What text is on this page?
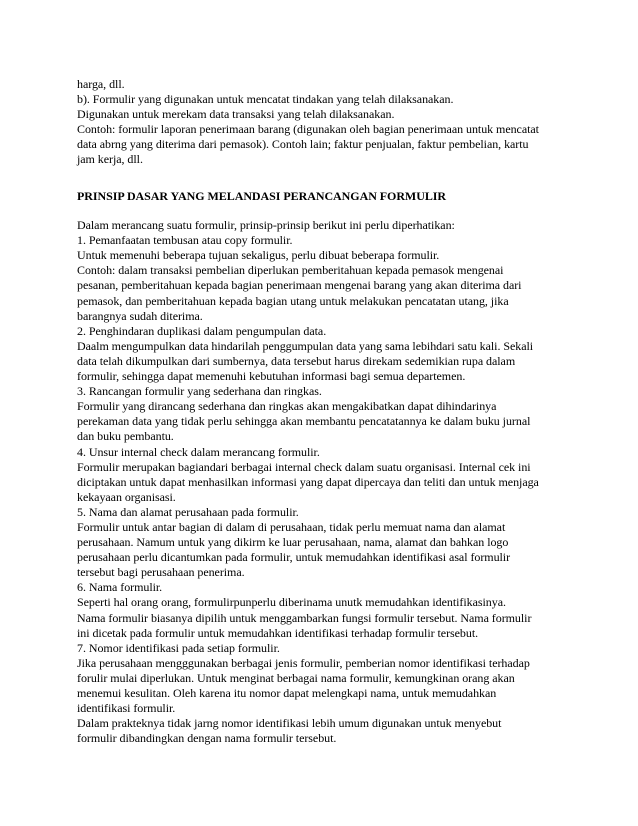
harga, dll.
b). Formulir yang digunakan untuk mencatat tindakan yang telah dilaksanakan.
Digunakan untuk merekam data transaksi yang telah dilaksanakan.
Contoh: formulir laporan penerimaan barang (digunakan oleh bagian penerimaan untuk mencatat
data abrng yang diterima dari pemasok). Contoh lain; faktur penjualan, faktur pembelian, kartu
jam kerja, dll.
PRINSIP DASAR YANG MELANDASI PERANCANGAN FORMULIR
Dalam merancang suatu formulir, prinsip-prinsip berikut ini perlu diperhatikan:
1. Pemanfaatan tembusan atau copy formulir.
Untuk memenuhi beberapa tujuan sekaligus, perlu dibuat beberapa formulir.
Contoh: dalam transaksi pembelian diperlukan pemberitahuan kepada pemasok mengenai
pesanan, pemberitahuan kepada bagian penerimaan mengenai barang yang akan diterima dari
pemasok, dan pemberitahuan kepada bagian utang untuk melakukan pencatatan utang, jika
barangnya sudah diterima.
2. Penghindaran duplikasi dalam pengumpulan data.
Daalm mengumpulkan data hindarilah penggumpulan data yang sama lebihdari satu kali. Sekali
data telah dikumpulkan dari sumbernya, data tersebut harus direkam sedemikian rupa dalam
formulir, sehingga dapat memenuhi kebutuhan informasi bagi semua departemen.
3. Rancangan formulir yang sederhana dan ringkas.
Formulir yang dirancang sederhana dan ringkas akan mengakibatkan dapat dihindarinya
perekaman data yang tidak perlu sehingga akan membantu pencatatannya ke dalam buku jurnal
dan buku pembantu.
4. Unsur internal check dalam merancang formulir.
Formulir merupakan bagiandari berbagai internal check dalam suatu organisasi. Internal cek ini
diciptakan untuk dapat menhasilkan informasi yang dapat dipercaya dan teliti dan untuk menjaga
kekayaan organisasi.
5. Nama dan alamat perusahaan pada formulir.
Formulir untuk antar bagian di dalam di perusahaan, tidak perlu memuat nama dan alamat
perusahaan. Namum untuk yang dikirm ke luar perusahaan, nama, alamat dan bahkan logo
perusahaan perlu dicantumkan pada formulir, untuk memudahkan identifikasi asal formulir
tersebut bagi perusahaan penerima.
6. Nama formulir.
Seperti hal orang orang, formulirpunperlu diberinama unutk memudahkan identifikasinya.
Nama formulir biasanya dipilih untuk menggambarkan fungsi formulir tersebut. Nama formulir
ini dicetak pada formulir untuk memudahkan identifikasi terhadap formulir tersebut.
7. Nomor identifikasi pada setiap formulir.
Jika perusahaan mengggunakan berbagai jenis formulir, pemberian nomor identifikasi terhadap
forulir mulai diperlukan. Untuk menginat berbagai nama formulir, kemungkinan orang akan
menemui kesulitan. Oleh karena itu nomor dapat melengkapi nama, untuk memudahkan
identifikasi formulir.
Dalam prakteknya tidak jarng nomor identifikasi lebih umum digunakan untuk menyebut
formulir dibandingkan dengan nama formulir tersebut.
